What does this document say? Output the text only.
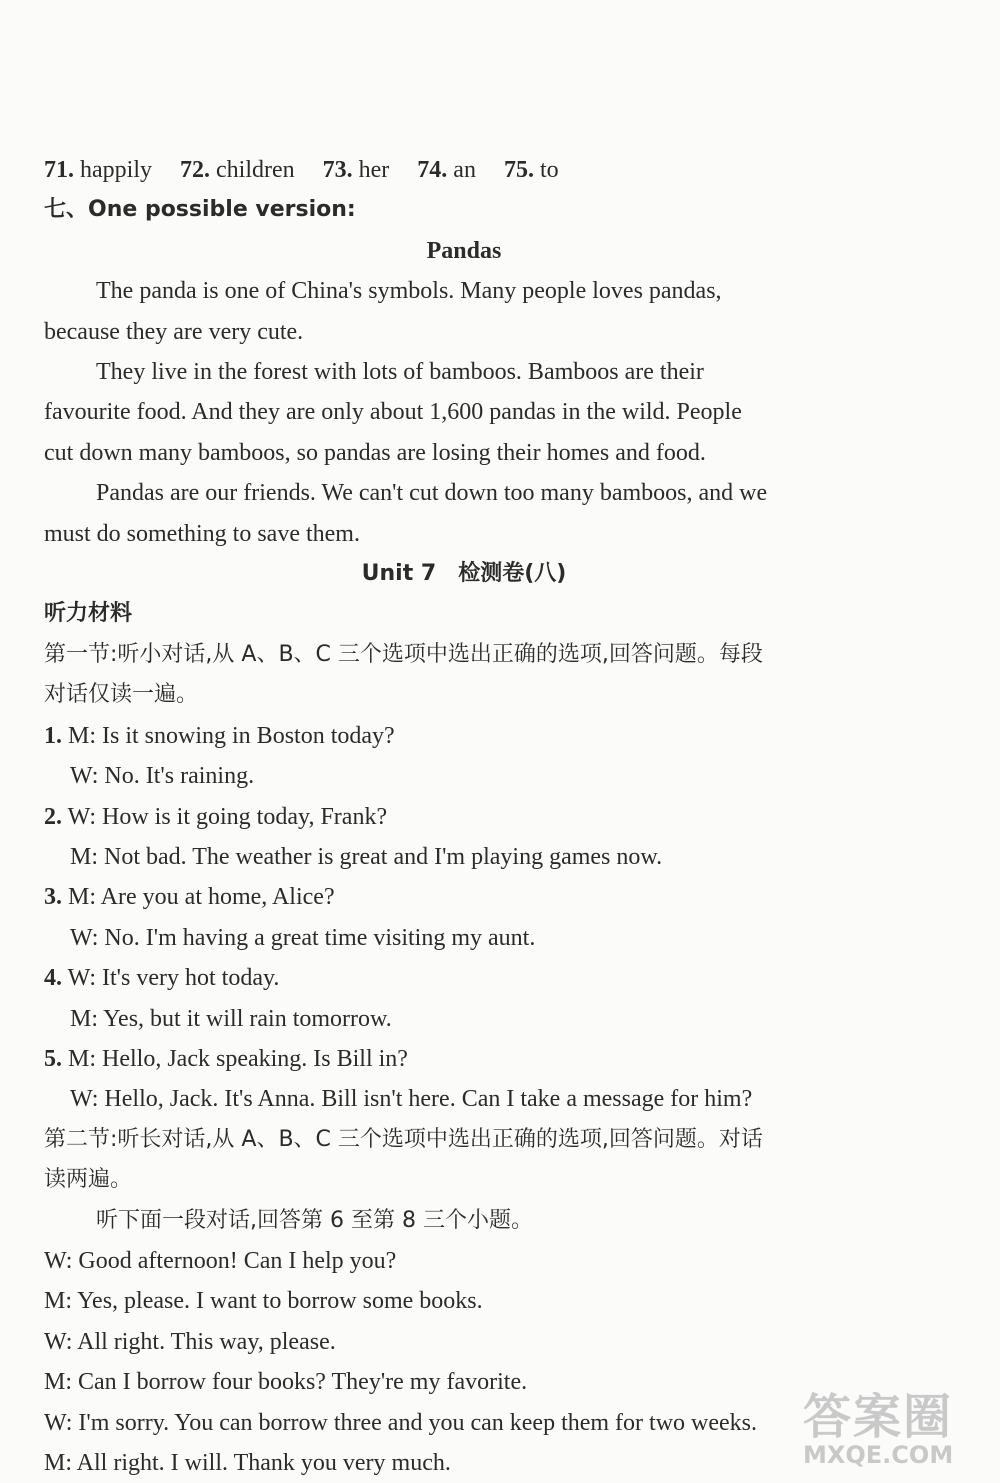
71. happily 72. children 73. her 74. an 75. to
七、One possible version:
Pandas
The panda is one of China's symbols. Many people loves pandas,
because they are very cute.
They live in the forest with lots of bamboos. Bamboos are their
favourite food. And they are only about 1,600 pandas in the wild. People
cut down many bamboos, so pandas are losing their homes and food.
Pandas are our friends. We can't cut down too many bamboos, and we
must do something to save them.
Unit 7　检测卷(八)
听力材料
第一节:听小对话,从 A、B、C 三个选项中选出正确的选项,回答问题。每段
对话仅读一遍。
1. M: Is it snowing in Boston today?
W: No. It's raining.
2. W: How is it going today, Frank?
M: Not bad. The weather is great and I'm playing games now.
3. M: Are you at home, Alice?
W: No. I'm having a great time visiting my aunt.
4. W: It's very hot today.
M: Yes, but it will rain tomorrow.
5. M: Hello, Jack speaking. Is Bill in?
W: Hello, Jack. It's Anna. Bill isn't here. Can I take a message for him?
第二节:听长对话,从 A、B、C 三个选项中选出正确的选项,回答问题。对话
读两遍。
听下面一段对话,回答第 6 至第 8 三个小题。
W: Good afternoon! Can I help you?
M: Yes, please. I want to borrow some books.
W: All right. This way, please.
M: Can I borrow four books? They're my favorite.
W: I'm sorry. You can borrow three and you can keep them for two weeks.
M: All right. I will. Thank you very much.
答案圈
MXQE.COM
